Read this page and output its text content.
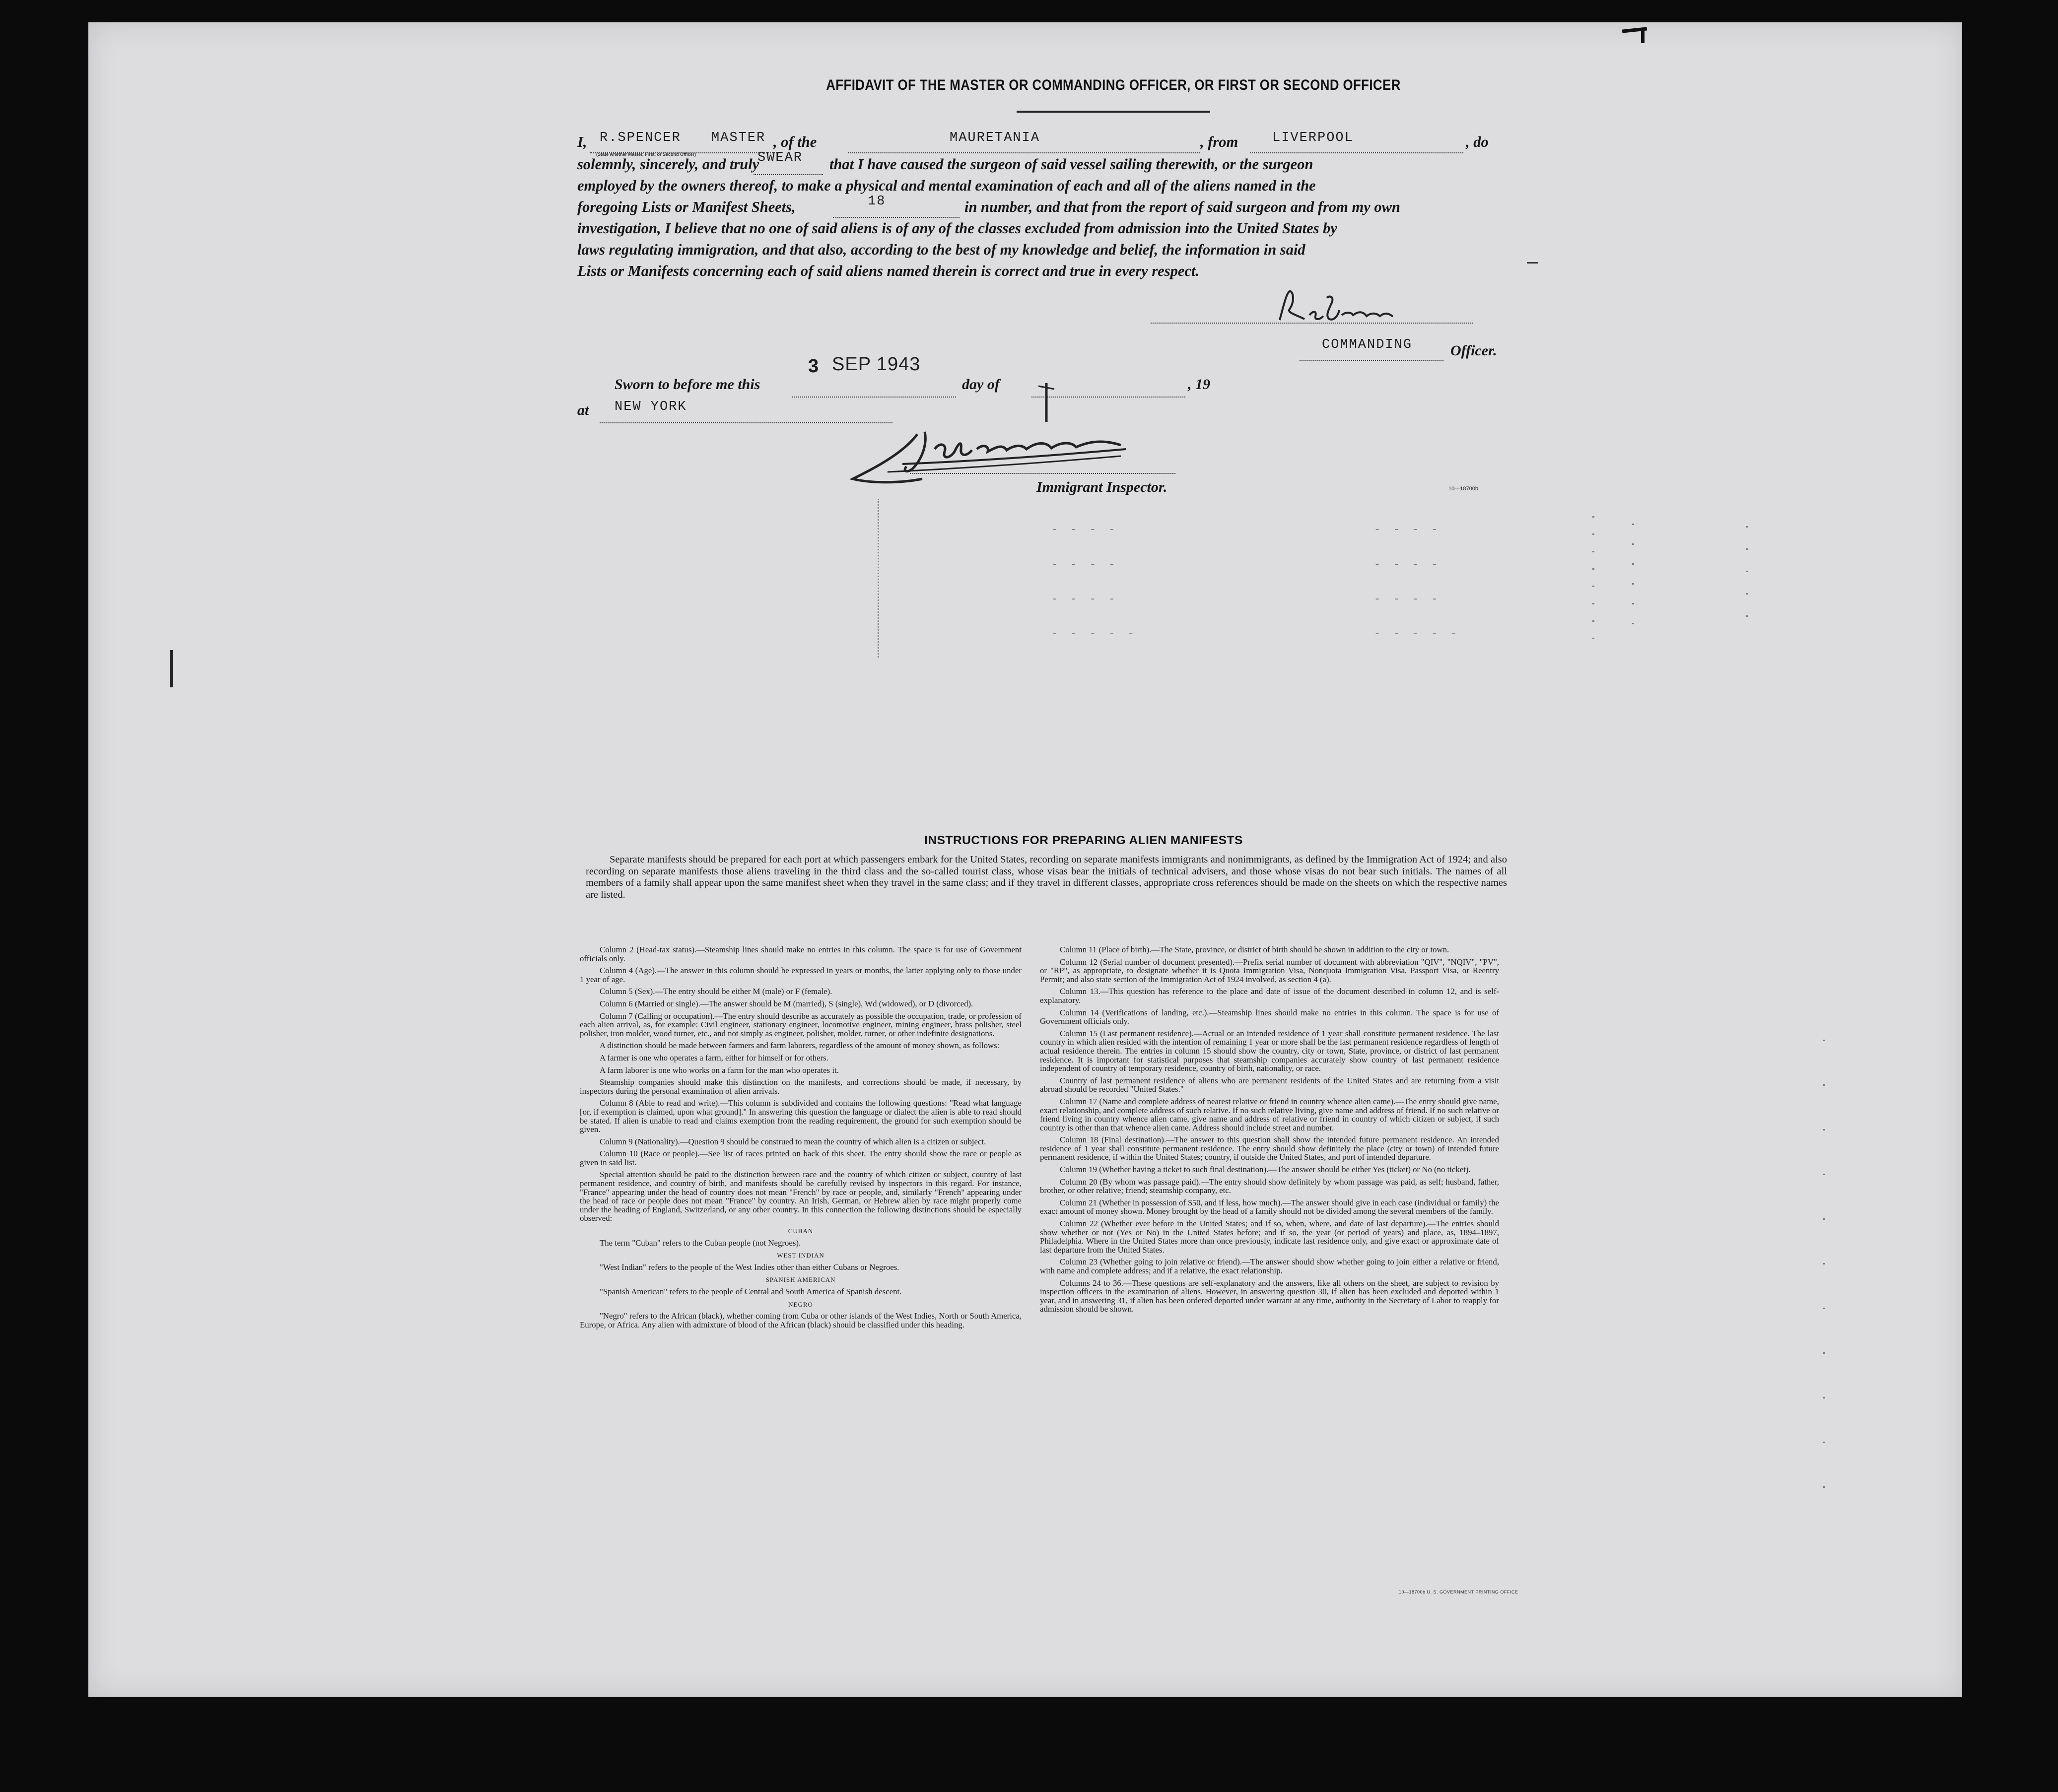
AFFIDAVIT OF THE MASTER OR COMMANDING OFFICER, OR FIRST OR SECOND OFFICER
I,	, of the	, from	, do
R.SPENCER MASTER
(State whether Master, First, or Second Officer)
MAURETANIA	LIVERPOOL
solemnly, sincerely, and truly	that I have caused the surgeon of said vessel sailing therewith, or the surgeon
SWEAR
employed by the owners thereof, to make a physical and mental examination of each and all of the aliens named in the
foregoing Lists or Manifest Sheets,	in number, and that from the report of said surgeon and from my own
18
investigation, I believe that no one of said aliens is of any of the classes excluded from admission into the United States by
laws regulating immigration, and that also, according to the best of my knowledge and belief, the information in said
Lists or Manifests concerning each of said aliens named therein is correct and true in every respect.
R.S.Spencer
COMMANDING	Officer.
Sworn to before me this
3 SEP 1943
day of	, 19
at NEW YORK
John Rostrom
Immigrant Inspector.	10—18700b
- - - -
- - - -
- - - -
- - - - -
- - - -
- - - -
- - - -
- - - - -
INSTRUCTIONS FOR PREPARING ALIEN MANIFESTS
Separate manifests should be prepared for each port at which passengers embark for the United States, recording on separate manifests immigrants and nonimmigrants, as defined by the Immigration Act of 1924; and also recording on separate manifests those aliens traveling in the third class and the so-called tourist class, whose visas bear the initials of technical advisers, and those whose visas do not bear such initials. The names of all members of a family shall appear upon the same manifest sheet when they travel in the same class; and if they travel in different classes, appropriate cross references should be made on the sheets on which the respective names are listed.

Column 2 (Head-tax status).—Steamship lines should make no entries in this column. The space is for use of Government officials only.

Column 4 (Age).—The answer in this column should be expressed in years or months, the latter applying only to those under 1 year of age.

Column 5 (Sex).—The entry should be either M (male) or F (female).

Column 6 (Married or single).—The answer should be M (married), S (single), Wd (widowed), or D (divorced).

Column 7 (Calling or occupation).—The entry should describe as accurately as possible the occupation, trade, or profession of each alien arrival, as, for example: Civil engineer, stationary engineer, locomotive engineer, mining engineer, brass polisher, steel polisher, iron molder, wood turner, etc., and not simply as engineer, polisher, molder, turner, or other indefinite designations.

A distinction should be made between farmers and farm laborers, regardless of the amount of money shown, as follows:

A farmer is one who operates a farm, either for himself or for others.

A farm laborer is one who works on a farm for the man who operates it.

Steamship companies should make this distinction on the manifests, and corrections should be made, if necessary, by inspectors during the personal examination of alien arrivals.

Column 8 (Able to read and write).—This column is subdivided and contains the following questions: "Read what language [or, if exemption is claimed, upon what ground]." In answering this question the language or dialect the alien is able to read should be stated. If alien is unable to read and claims exemption from the reading requirement, the ground for such exemption should be given.

Column 9 (Nationality).—Question 9 should be construed to mean the country of which alien is a citizen or subject.

Column 10 (Race or people).—See list of races printed on back of this sheet. The entry should show the race or people as given in said list.

Special attention should be paid to the distinction between race and the country of which citizen or subject, country of last permanent residence, and country of birth, and manifests should be carefully revised by inspectors in this regard. For instance, "France" appearing under the head of country does not mean "French" by race or people, and, similarly "French" appearing under the head of race or people does not mean "France" by country. An Irish, German, or Hebrew alien by race might properly come under the heading of England, Switzerland, or any other country. In this connection the following distinctions should be especially observed:

CUBAN

The term "Cuban" refers to the Cuban people (not Negroes).

WEST INDIAN

"West Indian" refers to the people of the West Indies other than either Cubans or Negroes.

SPANISH AMERICAN

"Spanish American" refers to the people of Central and South America of Spanish descent.

NEGRO

"Negro" refers to the African (black), whether coming from Cuba or other islands of the West Indies, North or South America, Europe, or Africa. Any alien with admixture of blood of the African (black) should be classified under this heading.

Column 11 (Place of birth).—The State, province, or district of birth should be shown in addition to the city or town.

Column 12 (Serial number of document presented).—Prefix serial number of document with abbreviation "QIV", "NQIV", "PV", or "RP", as appropriate, to designate whether it is Quota Immigration Visa, Nonquota Immigration Visa, Passport Visa, or Reentry Permit; and also state section of the Immigration Act of 1924 involved, as section 4 (a).

Column 13.—This question has reference to the place and date of issue of the document described in column 12, and is self-explanatory.

Column 14 (Verifications of landing, etc.).—Steamship lines should make no entries in this column. The space is for use of Government officials only.

Column 15 (Last permanent residence).—Actual or an intended residence of 1 year shall constitute permanent residence. The last country in which alien resided with the intention of remaining 1 year or more shall be the last permanent residence regardless of length of actual residence therein. The entries in column 15 should show the country, city or town, State, province, or district of last permanent residence. It is important for statistical purposes that steamship companies accurately show country of last permanent residence independent of country of temporary residence, country of birth, nationality, or race.

Country of last permanent residence of aliens who are permanent residents of the United States and are returning from a visit abroad should be recorded "United States."

Column 17 (Name and complete address of nearest relative or friend in country whence alien came).—The entry should give name, exact relationship, and complete address of such relative. If no such relative living, give name and address of friend. If no such relative or friend living in country whence alien came, give name and address of relative or friend in country of which citizen or subject, if such country is other than that whence alien came. Address should include street and number.

Column 18 (Final destination).—The answer to this question shall show the intended future permanent residence. An intended residence of 1 year shall constitute permanent residence. The entry should show definitely the place (city or town) of intended future permanent residence, if within the United States; country, if outside the United States, and port of intended departure.

Column 19 (Whether having a ticket to such final destination).—The answer should be either Yes (ticket) or No (no ticket).

Column 20 (By whom was passage paid).—The entry should show definitely by whom passage was paid, as self; husband, father, brother, or other relative; friend; steamship company, etc.

Column 21 (Whether in possession of $50, and if less, how much).—The answer should give in each case (individual or family) the exact amount of money shown. Money brought by the head of a family should not be divided among the several members of the family.

Column 22 (Whether ever before in the United States; and if so, when, where, and date of last departure).—The entries should show whether or not (Yes or No) in the United States before; and if so, the year (or period of years) and place, as, 1894–1897, Philadelphia. Where in the United States more than once previously, indicate last residence only, and give exact or approximate date of last departure from the United States.

Column 23 (Whether going to join relative or friend).—The answer should show whether going to join either a relative or friend, with name and complete address; and if a relative, the exact relationship.

Columns 24 to 36.—These questions are self-explanatory and the answers, like all others on the sheet, are subject to revision by inspection officers in the examination of aliens. However, in answering question 30, if alien has been excluded and deported within 1 year, and in answering 31, if alien has been ordered deported under warrant at any time, authority in the Secretary of Labor to reapply for admission should be shown.

10—18700b U. S. GOVERNMENT PRINTING OFFICE
